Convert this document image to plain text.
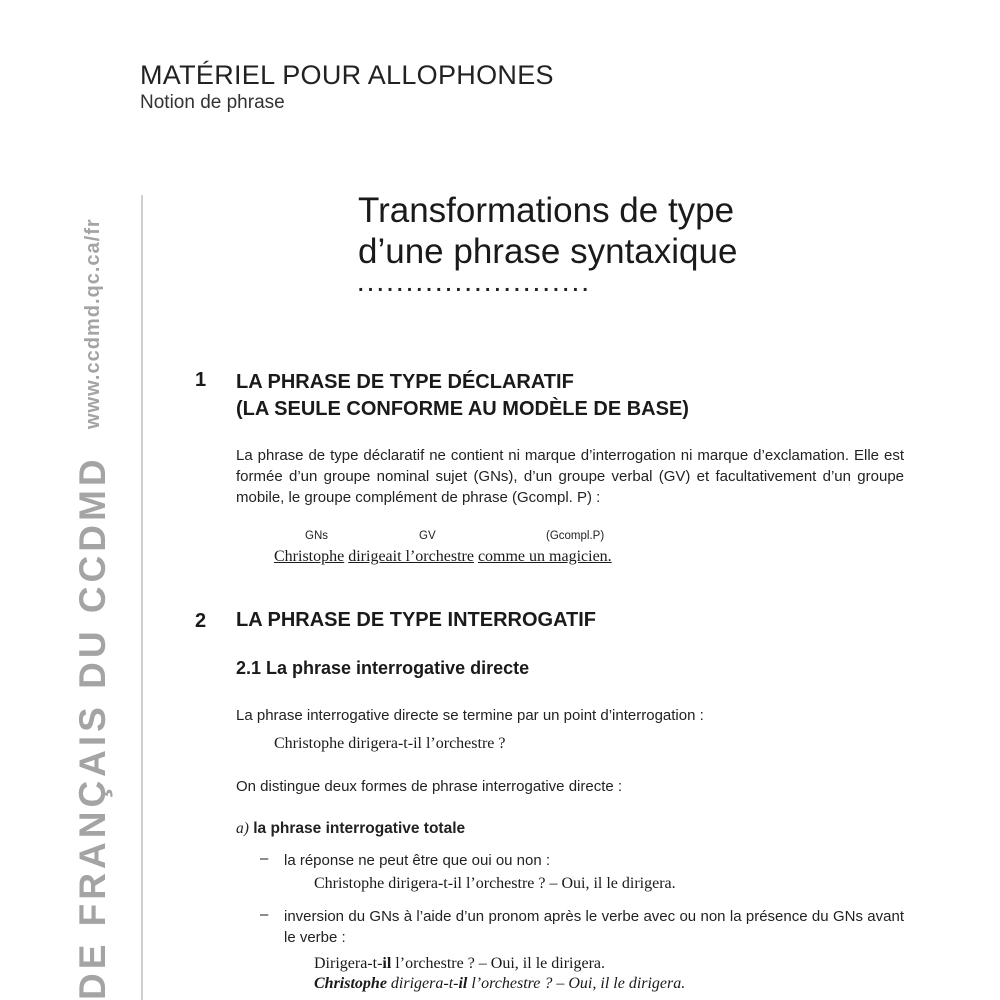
MATÉRIEL POUR ALLOPHONES
Notion de phrase
DE FRANÇAIS DU CCDMD www.ccdmd.qc.ca/fr
Transformations de type
d’une phrase syntaxique
........................
1 LA PHRASE DE TYPE DÉCLARATIF
(LA SEULE CONFORME AU MODÈLE DE BASE)
La phrase de type déclaratif ne contient ni marque d’interrogation ni marque d’exclamation. Elle est formée d’un groupe nominal sujet (GNs), d’un groupe verbal (GV) et facultativement d’un groupe mobile, le groupe complément de phrase (Gcompl. P) :
GNs	GV	(Gcompl.P)
Christophe dirigeait l’orchestre comme un magicien.
2 LA PHRASE DE TYPE INTERROGATIF
2.1 La phrase interrogative directe
La phrase interrogative directe se termine par un point d’interrogation :
Christophe dirigera-t-il l’orchestre ?
On distingue deux formes de phrase interrogative directe :
a) la phrase interrogative totale
– la réponse ne peut être que oui ou non :
Christophe dirigera-t-il l’orchestre ? – Oui, il le dirigera.
– inversion du GNs à l’aide d’un pronom après le verbe avec ou non la présence du GNs avant le verbe :
Dirigera-t-il l’orchestre ? – Oui, il le dirigera.
Christophe dirigera-t-il l’orchestre ? – Oui, il le dirigera.
